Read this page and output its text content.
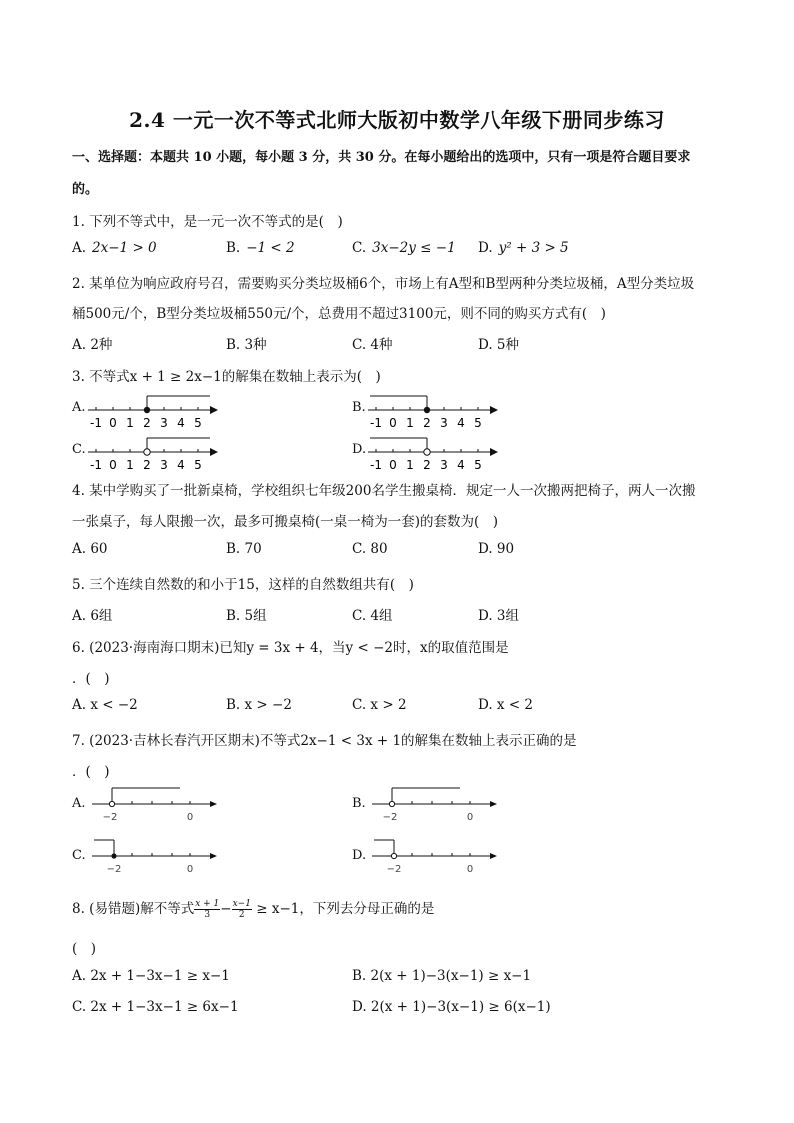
2.4 一元一次不等式北师大版初中数学八年级下册同步练习
一、选择题：本题共 10 小题，每小题 3 分，共 30 分。在每小题给出的选项中，只有一项是符合题目要求
的。
1. 下列不等式中，是一元一次不等式的是(　)
A. 2x−1 > 0	B. −1 < 2	C. 3x−2y ≤ −1 D. y² + 3 > 5
2. 某单位为响应政府号召，需要购买分类垃圾桶6个，市场上有A型和B型两种分类垃圾桶，A型分类垃圾
桶500元/个，B型分类垃圾桶550元/个，总费用不超过3100元，则不同的购买方式有(　)
A. 2种	B. 3种	C. 4种	D. 5种
3. 不等式x + 1 ≥ 2x−1的解集在数轴上表示为(　)
A.
-1 0 1 2 3 4 5
B.
-1 0 1 2 3 4 5
C.
-1 0 1 2 3 4 5
D.
-1 0 1 2 3 4 5
4. 某中学购买了一批新桌椅，学校组织七年级200名学生搬桌椅．规定一人一次搬两把椅子，两人一次搬
一张桌子，每人限搬一次，最多可搬桌椅(一桌一椅为一套)的套数为(　)
A. 60	B. 70	C. 80	D. 90
5. 三个连续自然数的和小于15，这样的自然数组共有(　)
A. 6组	B. 5组	C. 4组	D. 3组
6. (2023·海南海口期末)已知y = 3x + 4，当y < −2时，x的取值范围是
．(　)
A. x < −2	B. x > −2	C. x > 2	D. x < 2
7. (2023·吉林长春汽开区期末)不等式2x−1 < 3x + 1的解集在数轴上表示正确的是
．(　)
A.
−2	0
B.
−2	0
C.
−2	0
D.
−2	0
8. (易错题)解不等式 $\frac{x + 1}{3} - \frac{x-1}{2} \ge x-1$，下列去分母正确的是
(　)
A. 2x + 1−3x−1 ≥ x−1	B. 2(x + 1)−3(x−1) ≥ x−1
C. 2x + 1−3x−1 ≥ 6x−1	D. 2(x + 1)−3(x−1) ≥ 6(x−1)
